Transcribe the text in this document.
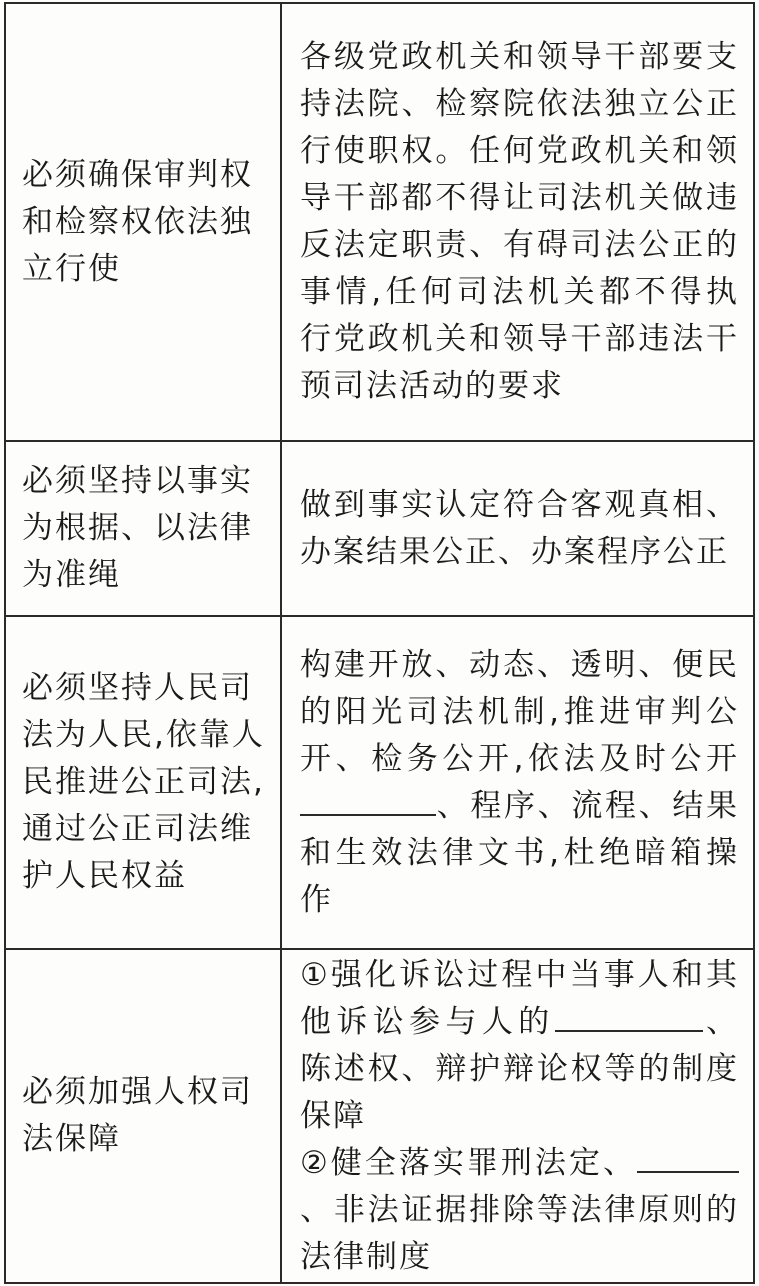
必须确保审判权和检察权依法独立行使	各级党政机关和领导干部要支持法院、检察院依法独立公正行使职权。任何党政机关和领导干部都不得让司法机关做违反法定职责、有碍司法公正的事情,任何司法机关都不得执行党政机关和领导干部违法干预司法活动的要求
必须坚持以事实为根据、以法律为准绳	做到事实认定符合客观真相、办案结果公正、办案程序公正
必须坚持人民司法为人民,依靠人民推进公正司法,通过公正司法维护人民权益	构建开放、动态、透明、便民的阳光司法机制,推进审判公开、检务公开,依法及时公开、程序、流程、结果和生效法律文书,杜绝暗箱操作
必须加强人权司法保障	①强化诉讼过程中当事人和其他诉讼参与人的 、陈述权、辩护辩论权等的制度保障
②健全落实罪刑法定、、非法证据排除等法律原则的法律制度
